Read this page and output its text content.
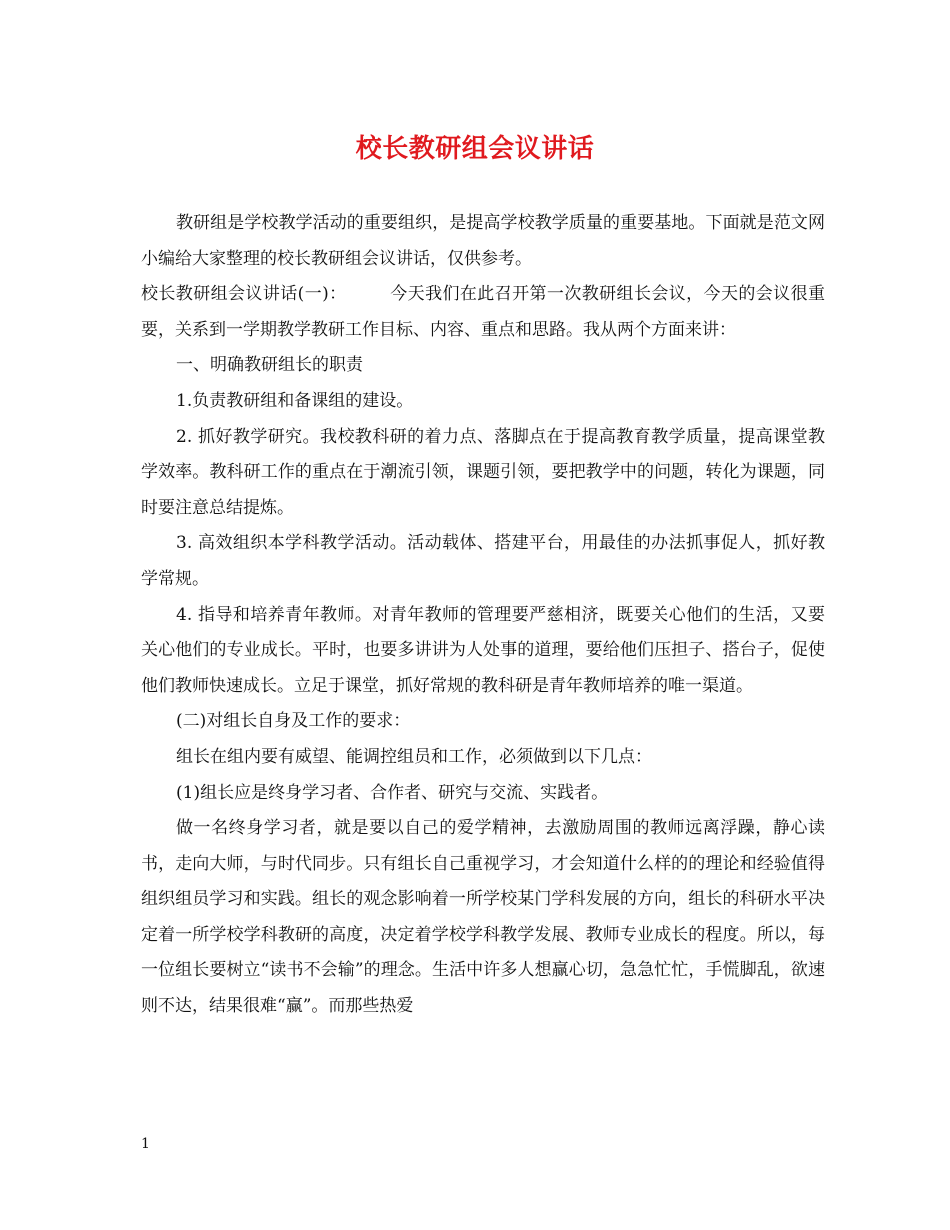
校长教研组会议讲话

教研组是学校教学活动的重要组织，是提高学校教学质量的重要基地。下面就是范文网小编给大家整理的校长教研组会议讲话，仅供参考。

校长教研组会议讲话(一)：　　　今天我们在此召开第一次教研组长会议，今天的会议很重要，关系到一学期教学教研工作目标、内容、重点和思路。我从两个方面来讲：

一、明确教研组长的职责

1.负责教研组和备课组的建设。

2. 抓好教学研究。我校教科研的着力点、落脚点在于提高教育教学质量，提高课堂教学效率。教科研工作的重点在于潮流引领，课题引领，要把教学中的问题，转化为课题，同时要注意总结提炼。

3. 高效组织本学科教学活动。活动载体、搭建平台，用最佳的办法抓事促人，抓好教学常规。

4. 指导和培养青年教师。对青年教师的管理要严慈相济，既要关心他们的生活，又要关心他们的专业成长。平时，也要多讲讲为人处事的道理，要给他们压担子、搭台子，促使他们教师快速成长。立足于课堂，抓好常规的教科研是青年教师培养的唯一渠道。

(二)对组长自身及工作的要求：

组长在组内要有威望、能调控组员和工作，必须做到以下几点：

(1)组长应是终身学习者、合作者、研究与交流、实践者。

做一名终身学习者，就是要以自己的爱学精神，去激励周围的教师远离浮躁，静心读书，走向大师，与时代同步。只有组长自己重视学习，才会知道什么样的的理论和经验值得组织组员学习和实践。组长的观念影响着一所学校某门学科发展的方向，组长的科研水平决定着一所学校学科教研的高度，决定着学校学科教学发展、教师专业成长的程度。所以，每一位组长要树立“读书不会输”的理念。生活中许多人想赢心切，急急忙忙，手慌脚乱，欲速则不达，结果很难“赢”。而那些热爱

1
